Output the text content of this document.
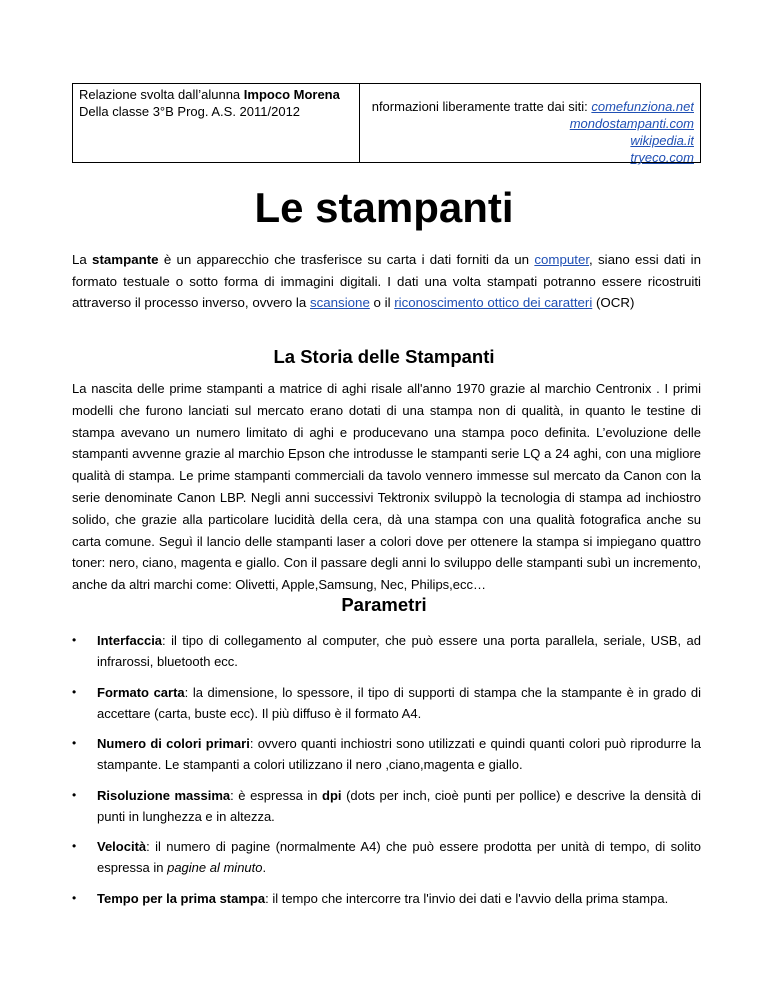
Relazione svolta dall’alunna Impoco Morena
Della classe 3°B Prog. A.S. 2011/2012	nformazioni liberamente tratte dai siti: comefunziona.net
mondostampanti.com
wikipedia.it
tryeco.com
Le stampanti

La stampante è un apparecchio che trasferisce su carta i dati forniti da un computer, siano essi dati in formato testuale o sotto forma di immagini digitali. I dati una volta stampati potranno essere ricostruiti attraverso il processo inverso, ovvero la scansione o il riconoscimento ottico dei caratteri (OCR)

La Storia delle Stampanti

La nascita delle prime stampanti a matrice di aghi risale all'anno 1970 grazie al marchio Centronix . I primi modelli che furono lanciati sul mercato erano dotati di una stampa non di qualità, in quanto le testine di stampa avevano un numero limitato di aghi e producevano una stampa poco definita. L’evoluzione delle stampanti avvenne grazie al marchio Epson che introdusse le stampanti serie LQ a 24 aghi, con una migliore qualità di stampa. Le prime stampanti commerciali da tavolo vennero immesse sul mercato da Canon con la serie denominate Canon LBP. Negli anni successivi Tektronix sviluppò la tecnologia di stampa ad inchiostro solido, che grazie alla particolare lucidità della cera, dà una stampa con una qualità fotografica anche su carta comune. Seguì il lancio delle stampanti laser a colori dove per ottenere la stampa si impiegano quattro toner: nero, ciano, magenta e giallo. Con il passare degli anni lo sviluppo delle stampanti subì un incremento, anche da altri marchi come: Olivetti, Apple,Samsung, Nec, Philips,ecc…

Parametri
• Interfaccia: il tipo di collegamento al computer, che può essere una porta parallela, seriale, USB, ad infrarossi, bluetooth ecc.
• Formato carta: la dimensione, lo spessore, il tipo di supporti di stampa che la stampante è in grado di accettare (carta, buste ecc). Il più diffuso è il formato A4.
• Numero di colori primari: ovvero quanti inchiostri sono utilizzati e quindi quanti colori può riprodurre la stampante. Le stampanti a colori utilizzano il nero ,ciano,magenta e giallo.
• Risoluzione massima: è espressa in dpi (dots per inch, cioè punti per pollice) e descrive la densità di punti in lunghezza e in altezza.
• Velocità: il numero di pagine (normalmente A4) che può essere prodotta per unità di tempo, di solito espressa in pagine al minuto.
• Tempo per la prima stampa: il tempo che intercorre tra l'invio dei dati e l'avvio della prima stampa.
